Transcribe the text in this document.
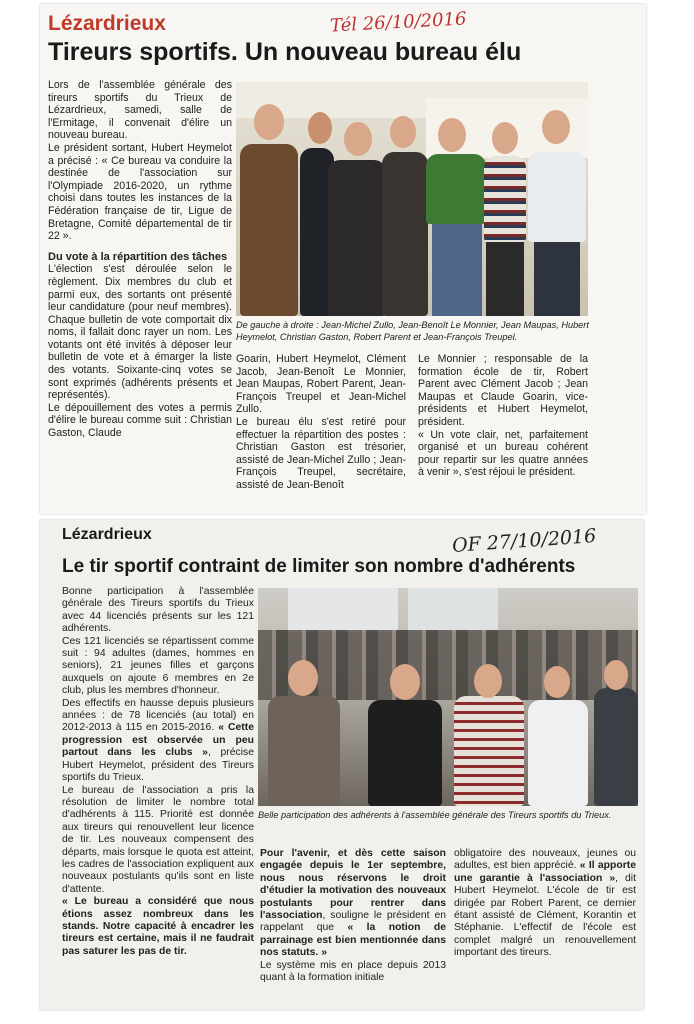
Lézardrieux	Tél 26/10/2016
Tireurs sportifs. Un nouveau bureau élu

Lors de l'assemblée générale des tireurs sportifs du Trieux de Lézardrieux, samedi, salle de l'Ermitage, il convenait d'élire un nouveau bureau.

Le président sortant, Hubert Heymelot a précisé : « Ce bureau va conduire la destinée de l'association sur l'Olympiade 2016-2020, un rythme choisi dans toutes les instances de la Fédération française de tir, Ligue de Bretagne, Comité départemental de tir 22 ».

Du vote à la répartition des tâches

L'élection s'est déroulée selon le règlement. Dix membres du club et parmi eux, des sortants ont présenté leur candidature (pour neuf membres). Chaque bulletin de vote comportait dix noms, il fallait donc rayer un nom. Les votants ont été invités à déposer leur bulletin de vote et à émarger la liste des votants. Soixante-cinq votes se sont exprimés (adhérents présents et représentés).

Le dépouillement des votes a permis d'élire le bureau comme suit : Christian Gaston, Claude

De gauche à droite : Jean-Michel Zullo, Jean-Benoît Le Monnier, Jean Maupas, Hubert Heymelot, Christian Gaston, Robert Parent et Jean-François Treupel.

Goarin, Hubert Heymelot, Clément Jacob, Jean-Benoît Le Monnier, Jean Maupas, Robert Parent, Jean-François Treupel et Jean-Michel Zullo.

Le bureau élu s'est retiré pour effectuer la répartition des postes : Christian Gaston est trésorier, assisté de Jean-Michel Zullo ; Jean-François Treupel, secrétaire, assisté de Jean-Benoît

Le Monnier ; responsable de la formation école de tir, Robert Parent avec Clément Jacob ; Jean Maupas et Claude Goarin, vice-présidents et Hubert Heymelot, président.

« Un vote clair, net, parfaitement organisé et un bureau cohérent pour repartir sur les quatre années à venir », s'est réjoui le président.

Lézardrieux	OF 27/10/2016
Le tir sportif contraint de limiter son nombre d'adhérents

Bonne participation à l'assemblée générale des Tireurs sportifs du Trieux avec 44 licenciés présents sur les 121 adhérents.

Ces 121 licenciés se répartissent comme suit : 94 adultes (dames, hommes en seniors), 21 jeunes filles et garçons auxquels on ajoute 6 membres en 2e club, plus les membres d'honneur.

Des effectifs en hausse depuis plusieurs années : de 78 licenciés (au total) en 2012-2013 à 115 en 2015-2016. « Cette progression est observée un peu partout dans les clubs », précise Hubert Heymelot, président des Tireurs sportifs du Trieux.

Le bureau de l'association a pris la résolution de limiter le nombre total d'adhérents à 115. Priorité est donnée aux tireurs qui renouvellent leur licence de tir. Les nouveaux compensent des départs, mais lorsque le quota est atteint, les cadres de l'association expliquent aux nouveaux postulants qu'ils sont en liste d'attente.

« Le bureau a considéré que nous étions assez nombreux dans les stands. Notre capacité à encadrer les tireurs est certaine, mais il ne faudrait pas saturer les pas de tir.

Belle participation des adhérents à l'assemblée générale des Tireurs sportifs du Trieux.

Pour l'avenir, et dès cette saison engagée depuis le 1er septembre, nous nous réservons le droit d'étudier la motivation des nouveaux postulants pour rentrer dans l'association, souligne le président en rappelant que « la notion de parrainage est bien mentionnée dans nos statuts. »

Le système mis en place depuis 2013 quant à la formation initiale

obligatoire des nouveaux, jeunes ou adultes, est bien apprécié. « Il apporte une garantie à l'association », dit Hubert Heymelot. L'école de tir est dirigée par Robert Parent, ce dernier étant assisté de Clément, Korantin et Stéphanie. L'effectif de l'école est complet malgré un renouvellement important des tireurs.
